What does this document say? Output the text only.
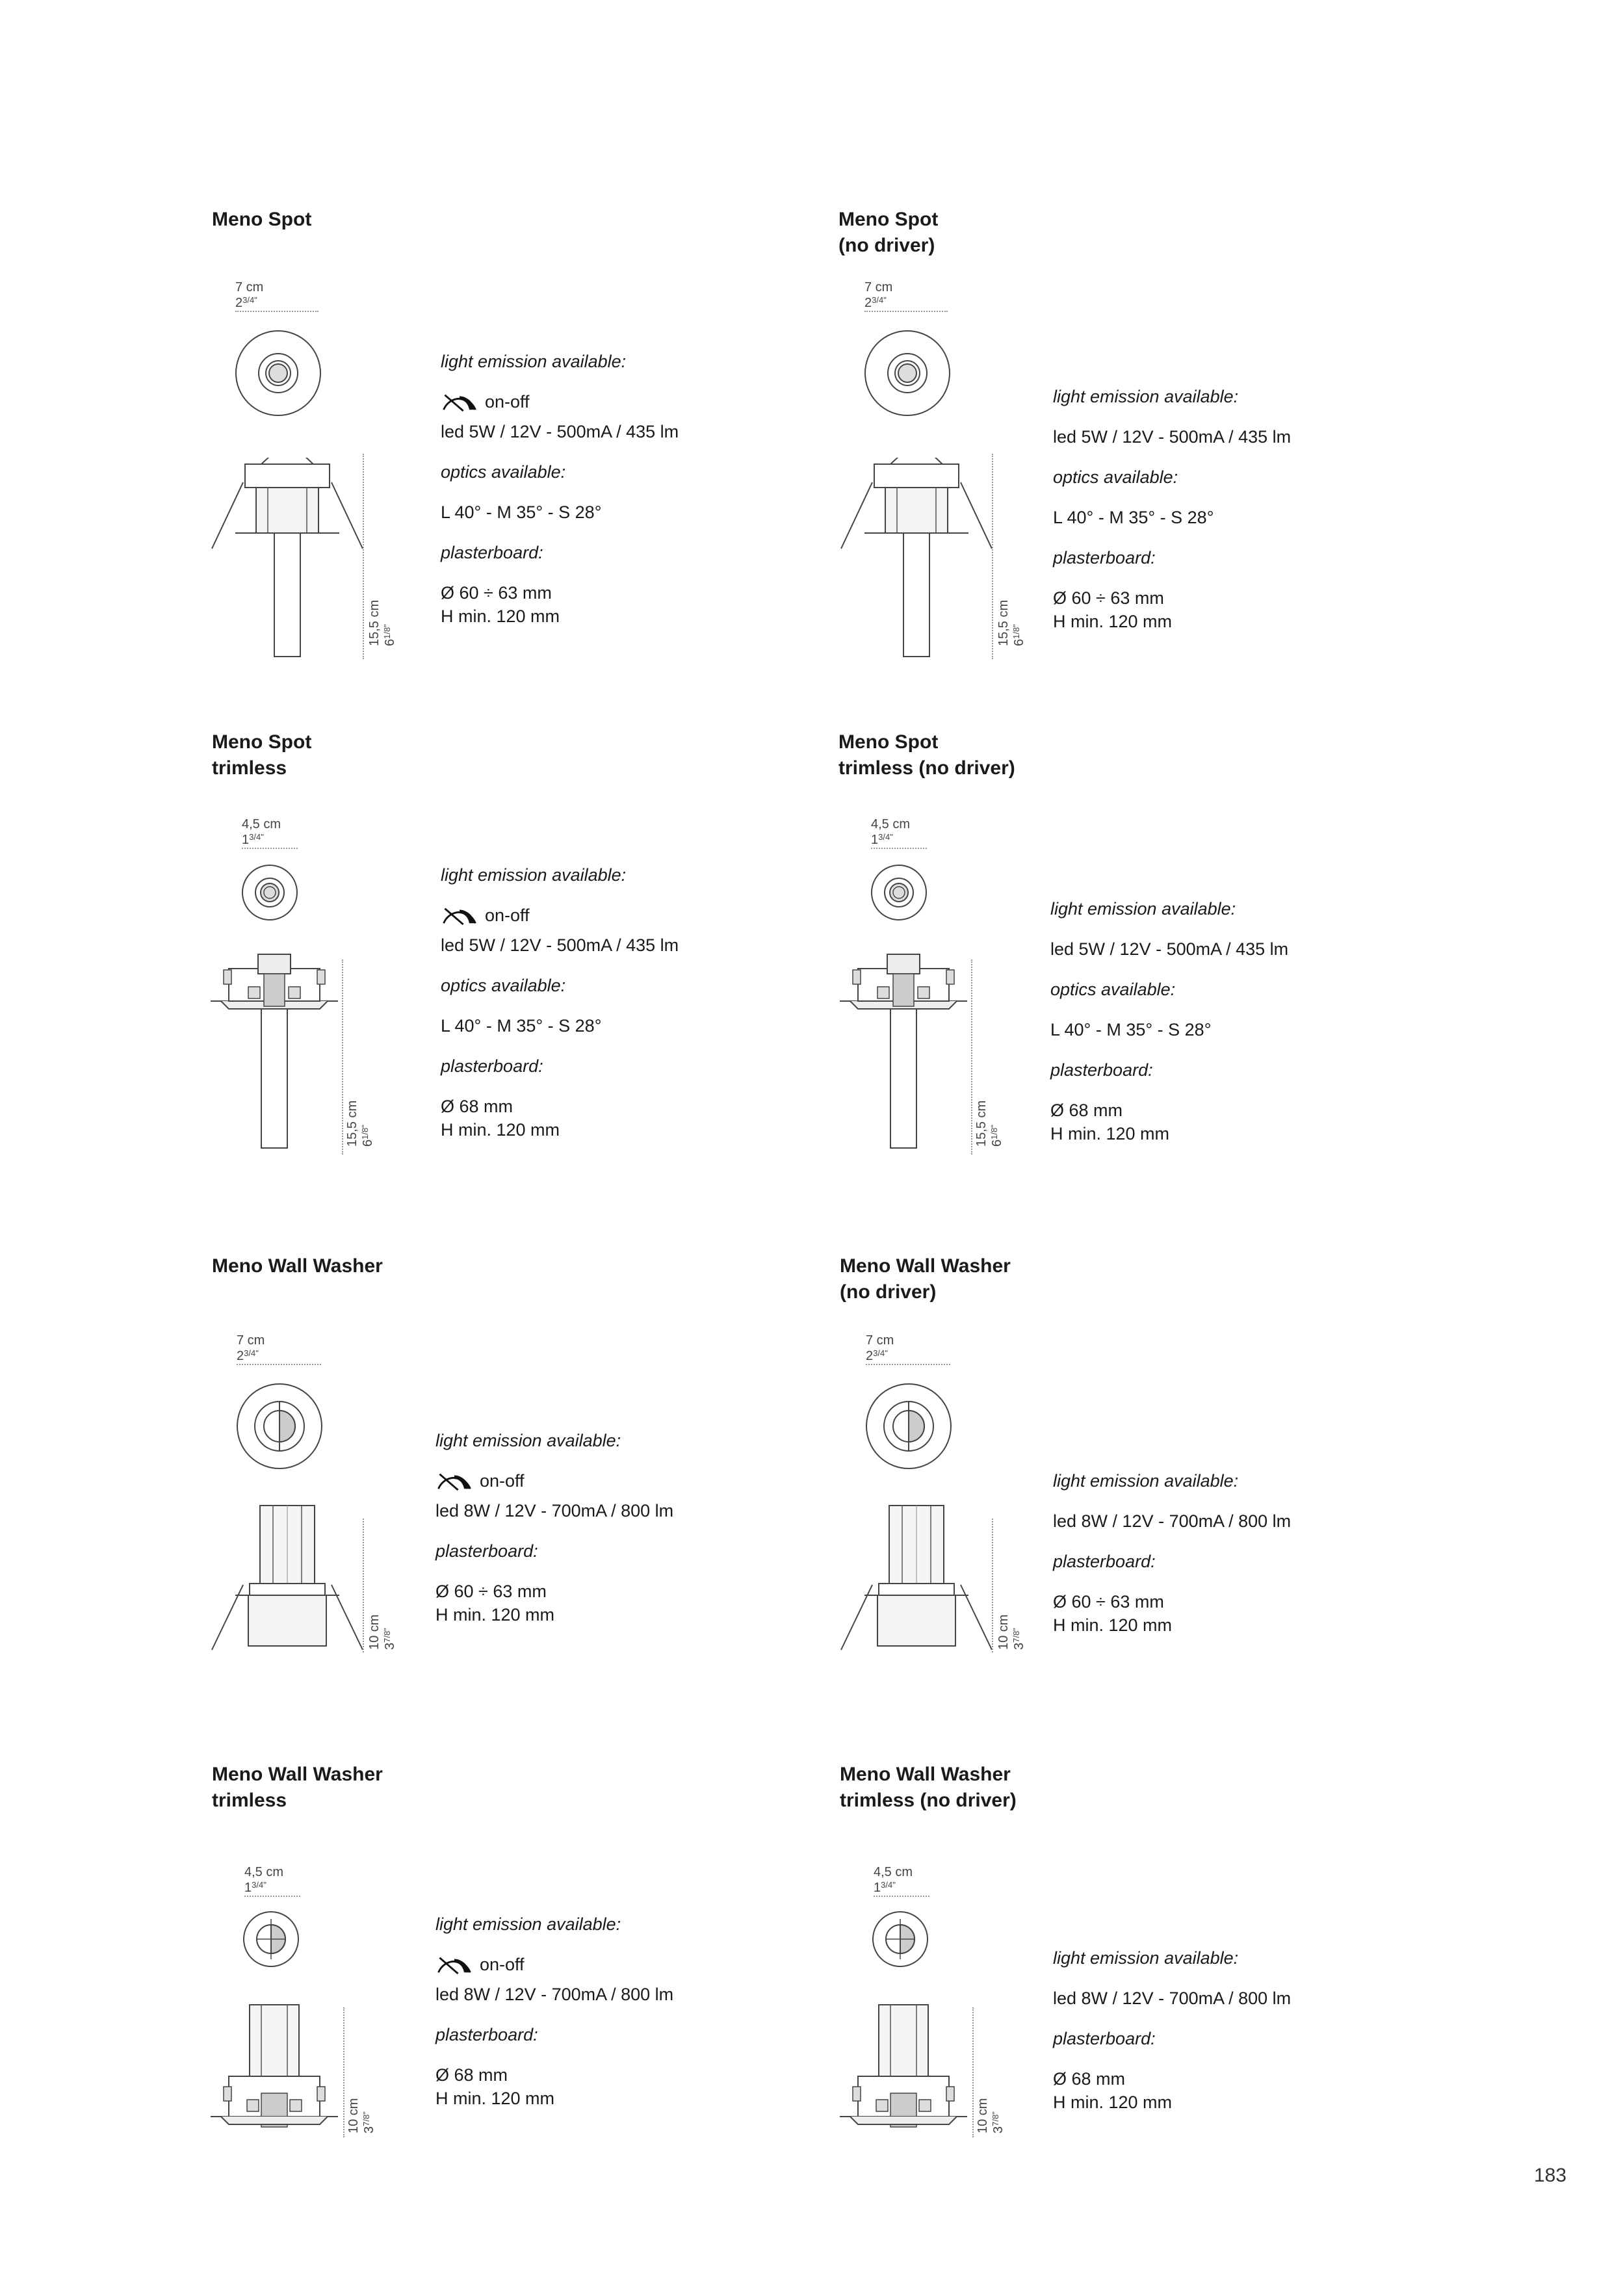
Meno Spot
7 cm
$2^{3/4"}$
15,5 cm $6^{1/8"}$
light emission available:
on-off
led 5W / 12V - 500mA / 435 lm
optics available:
L 40° - M 35° - S 28°
plasterboard:
Ø 60 ÷ 63 mm
H min. 120 mm
Meno Spot
(no driver)
7 cm
$2^{3/4"}$
15,5 cm $6^{1/8"}$
light emission available:
led 5W / 12V - 500mA / 435 lm
optics available:
L 40° - M 35° - S 28°
plasterboard:
Ø 60 ÷ 63 mm
H min. 120 mm
Meno Spot
trimless
4,5 cm
$1^{3/4"}$
15,5 cm $6^{1/8"}$
light emission available:
on-off
led 5W / 12V - 500mA / 435 lm
optics available:
L 40° - M 35° - S 28°
plasterboard:
Ø 68 mm
H min. 120 mm
Meno Spot
trimless (no driver)
4,5 cm
$1^{3/4"}$
15,5 cm $6^{1/8"}$
light emission available:
led 5W / 12V - 500mA / 435 lm
optics available:
L 40° - M 35° - S 28°
plasterboard:
Ø 68 mm
H min. 120 mm
Meno Wall Washer
7 cm
$2^{3/4"}$
10 cm $3^{7/8"}$
light emission available:
on-off
led 8W / 12V - 700mA / 800 lm
plasterboard:
Ø 60 ÷ 63 mm
H min. 120 mm
Meno Wall Washer
(no driver)
7 cm
$2^{3/4"}$
10 cm $3^{7/8"}$
light emission available:
led 8W / 12V - 700mA / 800 lm
plasterboard:
Ø 60 ÷ 63 mm
H min. 120 mm
Meno Wall Washer
trimless
4,5 cm
$1^{3/4"}$
10 cm $3^{7/8"}$
light emission available:
on-off
led 8W / 12V - 700mA / 800 lm
plasterboard:
Ø 68 mm
H min. 120 mm
Meno Wall Washer
trimless (no driver)
4,5 cm
$1^{3/4"}$
10 cm $3^{7/8"}$
light emission available:
led 8W / 12V - 700mA / 800 lm
plasterboard:
Ø 68 mm
H min. 120 mm
183
